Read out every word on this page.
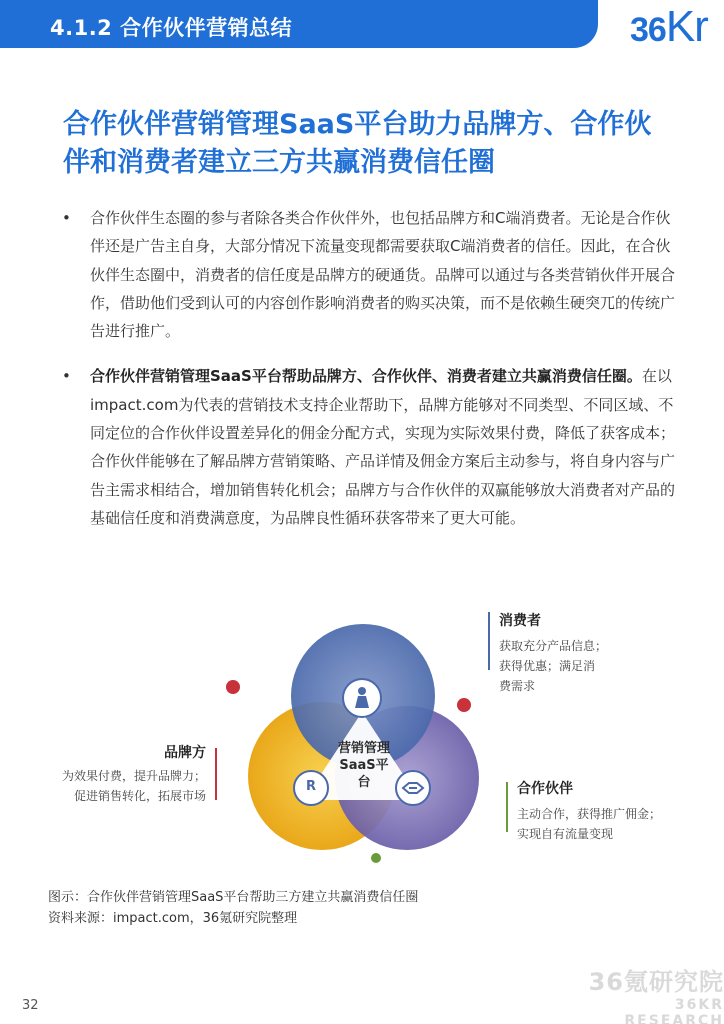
4.1.2 合作伙伴营销总结	36Kr
合作伙伴营销管理SaaS平台助力品牌方、合作伙伴和消费者建立三方共赢消费信任圈
• 合作伙伴生态圈的参与者除各类合作伙伴外，也包括品牌方和C端消费者。无论是合作伙伴还是广告主自身，大部分情况下流量变现都需要获取C端消费者的信任。因此，在合伙伙伴生态圈中，消费者的信任度是品牌方的硬通货。品牌可以通过与各类营销伙伴开展合作，借助他们受到认可的内容创作影响消费者的购买决策，而不是依赖生硬突兀的传统广告进行推广。
• 合作伙伴营销管理SaaS平台帮助品牌方、合作伙伴、消费者建立共赢消费信任圈。在以impact.com为代表的营销技术支持企业帮助下，品牌方能够对不同类型、不同区域、不同定位的合作伙伴设置差异化的佣金分配方式，实现为实际效果付费，降低了获客成本；合作伙伴能够在了解品牌方营销策略、产品详情及佣金方案后主动参与，将自身内容与广告主需求相结合，增加销售转化机会；品牌方与合作伙伴的双赢能够放大消费者对产品的基础信任度和消费满意度，为品牌良性循环获客带来了更大可能。
营销管理
SaaS平台
R
消费者
获取充分产品信息；
获得优惠；满足消
费需求
品牌方
为效果付费，提升品牌力；
促进销售转化，拓展市场	合作伙伴
主动合作，获得推广佣金；
实现自有流量变现
图示：合作伙伴营销管理SaaS平台帮助三方建立共赢消费信任圈
资料来源：impact.com，36氪研究院整理
36氪研究院
36KR RESEARCH
32
